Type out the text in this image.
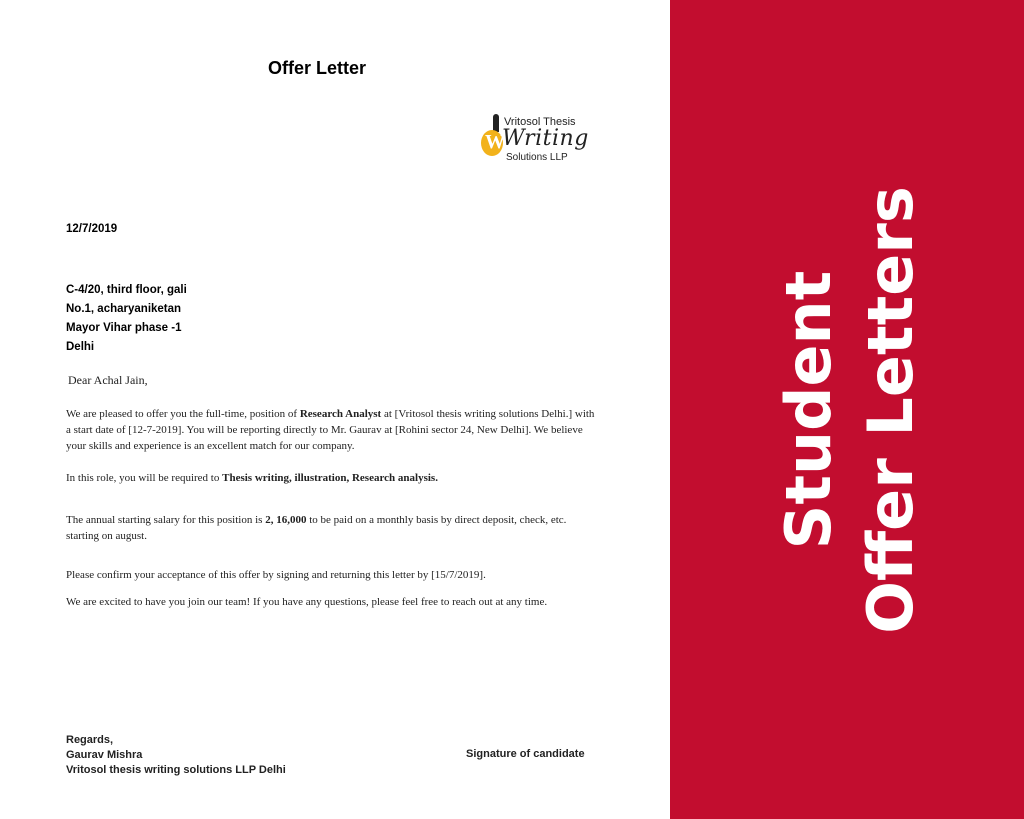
Offer Letter
W
Vritosol Thesis
Writing
Solutions LLP
12/7/2019
C-4/20, third floor, gali
No.1, acharyaniketan
Mayor Vihar phase -1
Delhi
Dear Achal Jain,
We are pleased to offer you the full-time, position of Research Analyst at [Vritosol thesis writing solutions Delhi.] with a start date of [12-7-2019]. You will be reporting directly to Mr. Gaurav at [Rohini sector 24, New Delhi]. We believe your skills and experience is an excellent match for our company.
In this role, you will be required to Thesis writing, illustration, Research analysis.
The annual starting salary for this position is 2, 16,000 to be paid on a monthly basis by direct deposit, check, etc. starting on august.
Please confirm your acceptance of this offer by signing and returning this letter by [15/7/2019].
We are excited to have you join our team! If you have any questions, please feel free to reach out at any time.
Regards,
Gaurav Mishra
Vritosol thesis writing solutions LLP Delhi
Signature of candidate
Student Offer Letters
